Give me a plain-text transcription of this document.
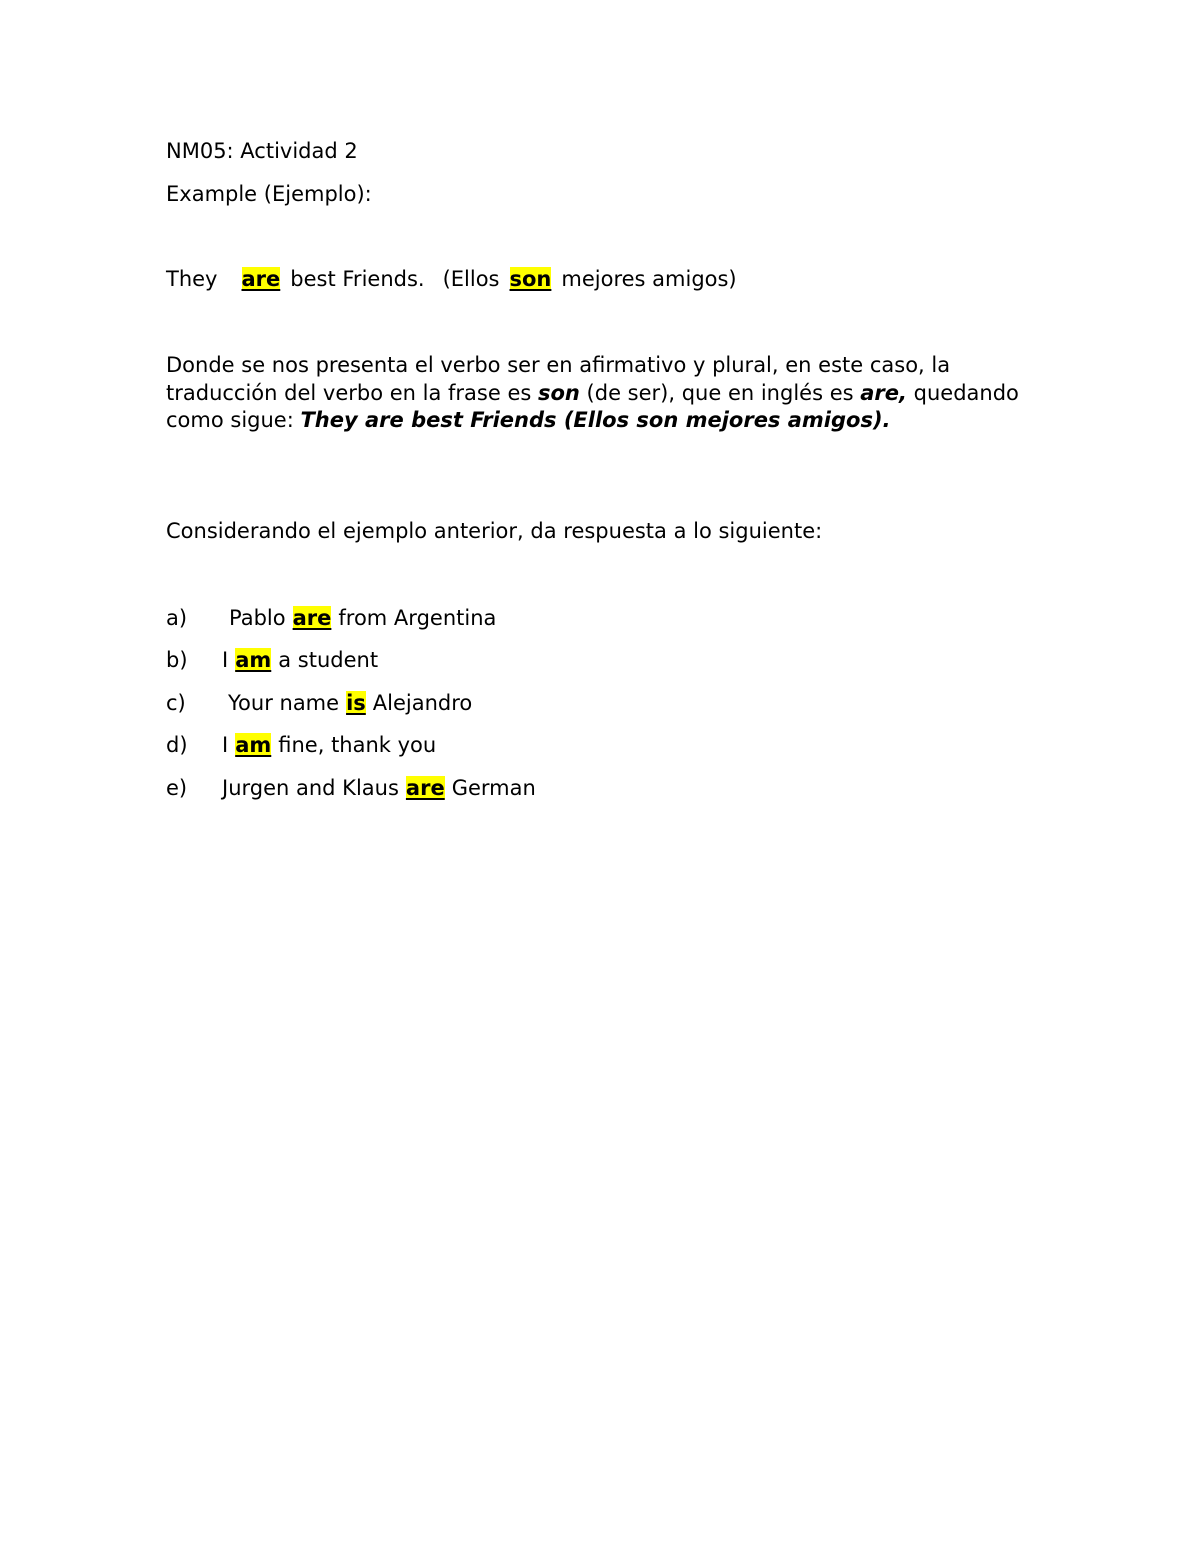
NM05: Actividad 2
Example (Ejemplo):
They are best Friends. (Ellos son mejores amigos)
Donde se nos presenta el verbo ser en afirmativo y plural, en este caso, la traducción del verbo en la frase es son (de ser), que en inglés es are, quedando como sigue: They are best Friends (Ellos son mejores amigos).
Considerando el ejemplo anterior, da respuesta a lo siguiente:
a) Pablo are from Argentina
b) I am a student
c) Your name is Alejandro
d) I am fine, thank you
e) Jurgen and Klaus are German
